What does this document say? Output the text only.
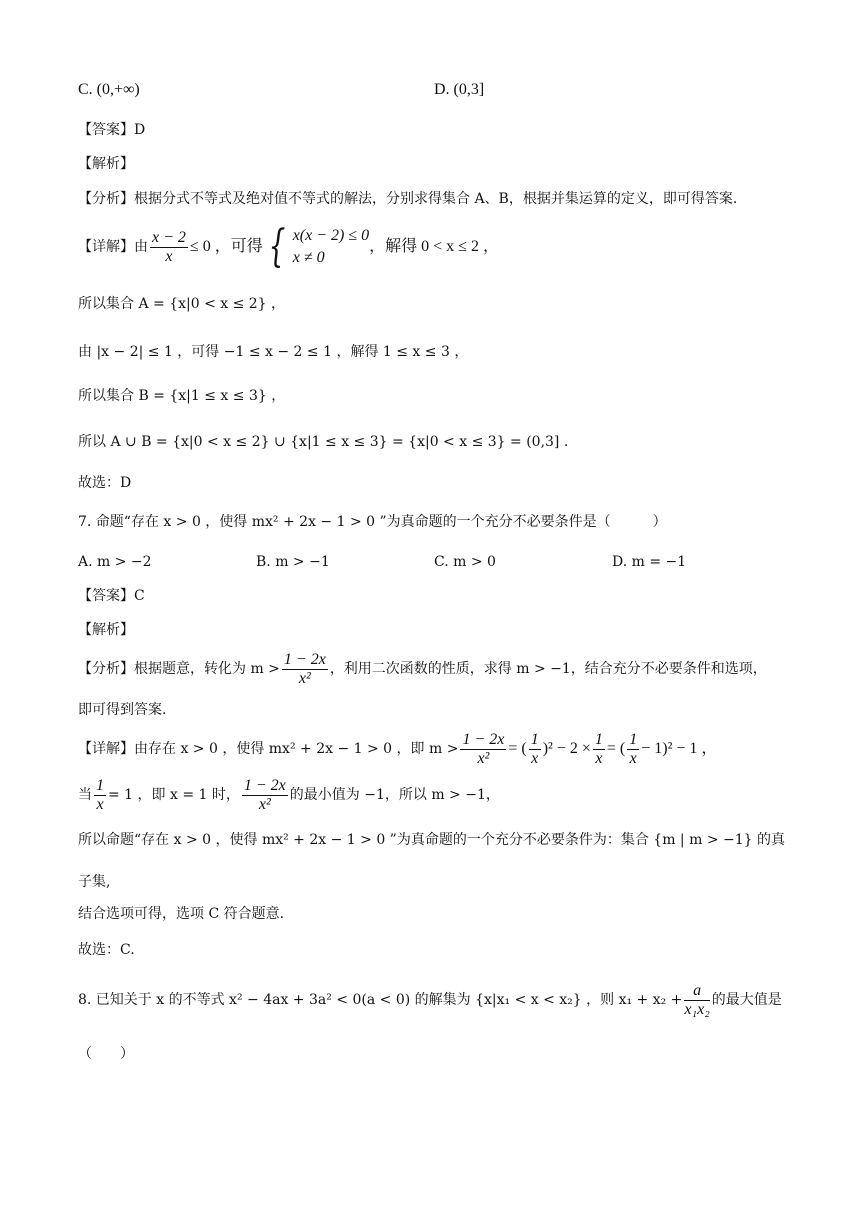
C. (0,+∞)	D. (0,3]
【答案】D
【解析】
【分析】根据分式不等式及绝对值不等式的解法，分别求得集合 A、B，根据并集运算的定义，即可得答案.
【详解】由 $\frac{x - 2}{x} \le 0$ ，可得 { x(x − 2) ≤ 0
x ≠ 0
，解得 0 < x ≤ 2 ，
所以集合 A = {x|0 < x ≤ 2} ，
由 |x − 2| ≤ 1 ，可得 −1 ≤ x − 2 ≤ 1 ，解得 1 ≤ x ≤ 3 ，
所以集合 B = {x|1 ≤ x ≤ 3} ，
所以 A ∪ B = {x|0 < x ≤ 2} ∪ {x|1 ≤ x ≤ 3} = {x|0 < x ≤ 3} = (0,3] .
故选：D
7. 命题“存在 x > 0 ，使得 mx² + 2x − 1 > 0 ”为真命题的一个充分不必要条件是（　　　）
A. m > −2	B. m > −1	C. m > 0	D. m = −1
【答案】C
【解析】
【分析】根据题意，转化为 $m > \frac{1 - 2x}{\text{x²}}$ ，利用二次函数的性质，求得 m > −1，结合充分不必要条件和选项，
即可得到答案.
【详解】由存在 x > 0 ，使得 mx² + 2x − 1 > 0 ，即 $m > \frac{1 - 2x}{\text{x²}}$ = ( $\frac{1}{x} )^2 - 2 \times \frac{1}{x}$ = ( $\frac{1}{x} - 1)^2 - 1$ ，
当 $\frac{1}{x} = 1$ ，即 x = 1 时， $\frac{1 - 2x}{\text{x²}}$ 的最小值为 −1，所以 m > −1，
所以命题“存在 x > 0 ，使得 mx² + 2x − 1 > 0 ”为真命题的一个充分不必要条件为：集合 {m | m > −1} 的真
子集,
结合选项可得，选项 C 符合题意.
故选：C.
8. 已知关于 x 的不等式 x² − 4ax + 3a² < 0(a < 0) 的解集为 {x|x₁ < x < x₂} ，则 $x_1 + x_2 + \frac{a}{\text{x₁x₂}}$ 的最大值是
（　　）
